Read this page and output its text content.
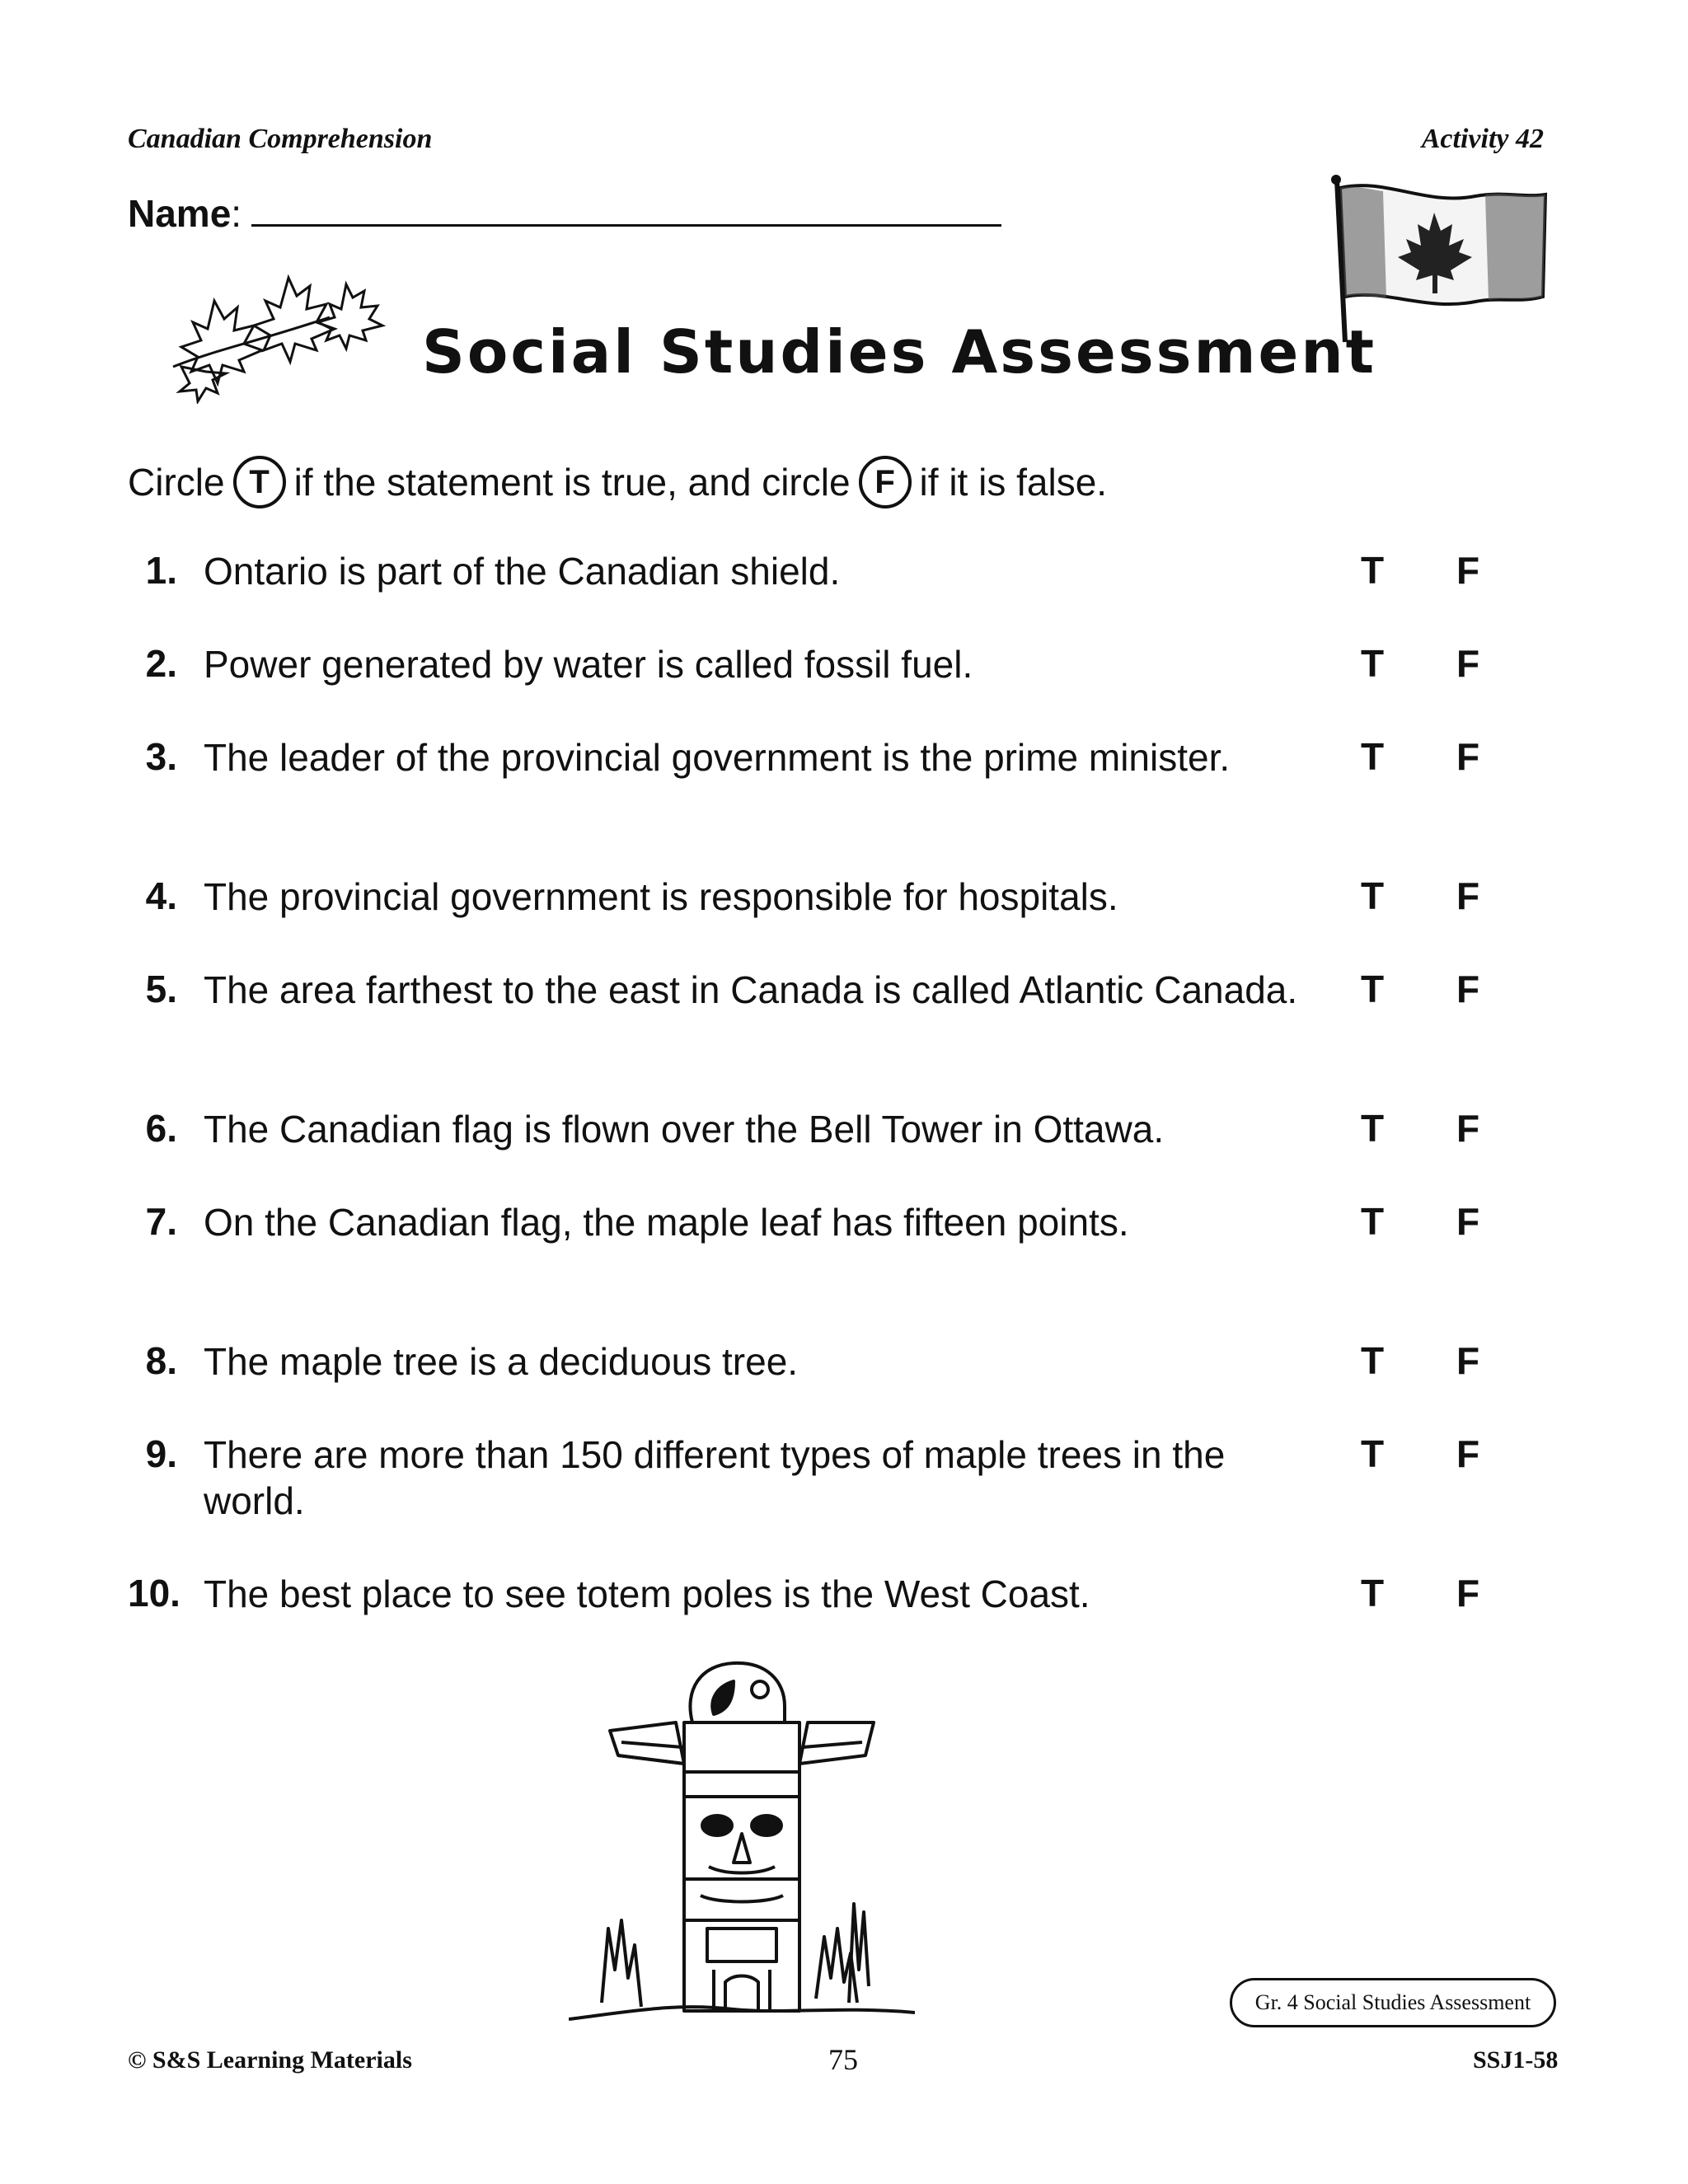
Canadian Comprehension	Activity 42
Name :
Social Studies Assessment
Circle T if the statement is true, and circle F if it is false.
1. Ontario is part of the Canadian shield.	T F
2. Power generated by water is called fossil fuel.	T F
3. The leader of the provincial government is the prime minister.	T F
4. The provincial government is responsible for hospitals.	T F
5. The area farthest to the east in Canada is called Atlantic Canada. T F
6. The Canadian flag is flown over the Bell Tower in Ottawa.	T F
7. On the Canadian flag, the maple leaf has fifteen points.	T F
8. The maple tree is a deciduous tree.	T F
9. There are more than 150 different types of maple trees in the world.
T F
10. The best place to see totem poles is the West Coast.	T F
Gr. 4 Social Studies Assessment
© S&S Learning Materials	75	SSJ1-58
